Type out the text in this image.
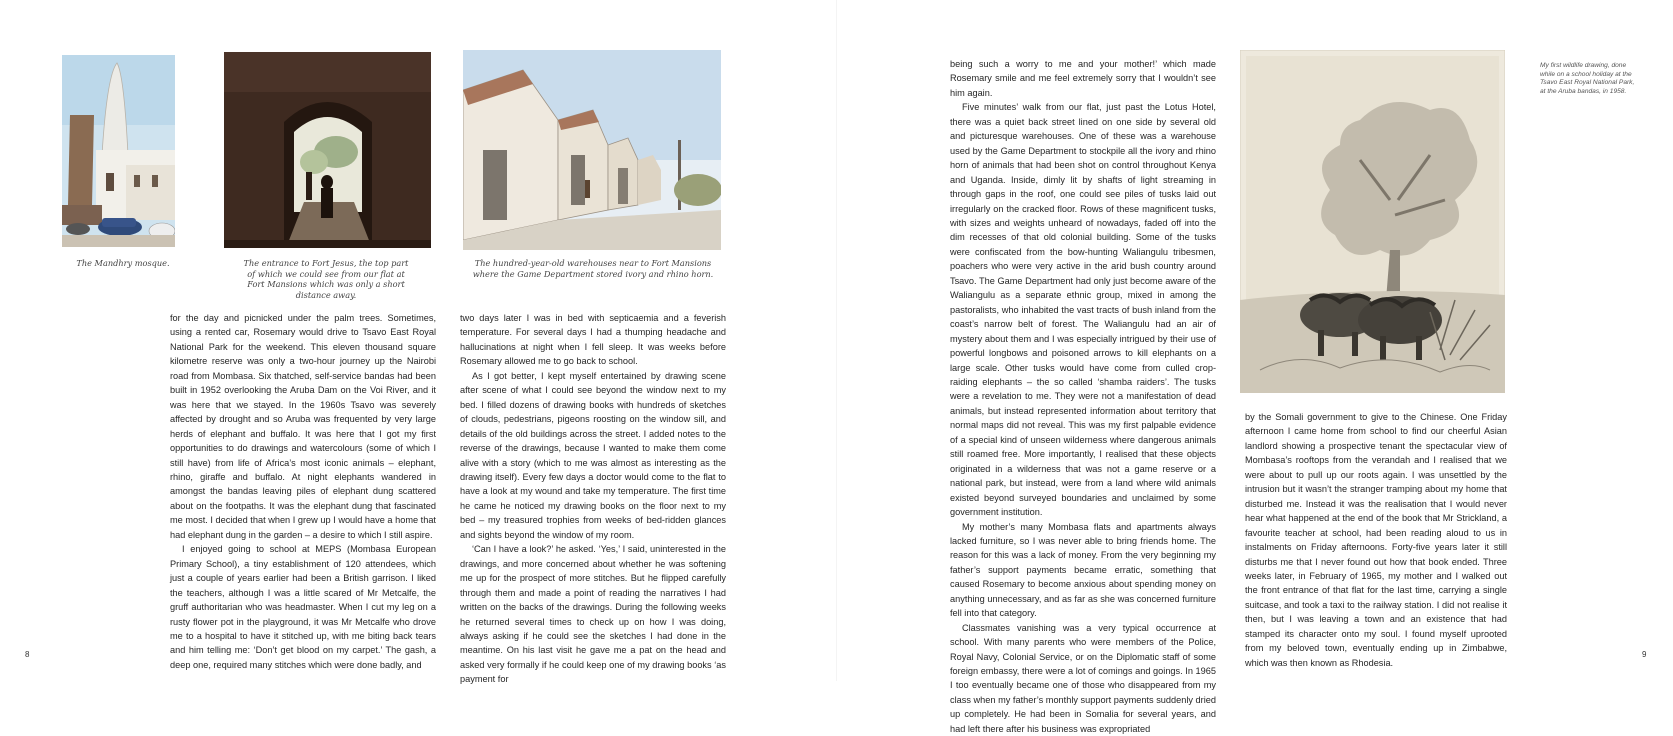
The Mandhry mosque.	The entrance to Fort Jesus, the top part of which we could see from our flat at Fort Mansions which was only a short distance away.
The hundred-year-old warehouses near to Fort Mansions where the Game Department stored ivory and rhino horn.

for the day and picnicked under the palm trees. Sometimes, using a rented car, Rosemary would drive to Tsavo East Royal National Park for the weekend. This eleven thousand square kilometre reserve was only a two-hour journey up the Nairobi road from Mombasa. Six thatched, self-service bandas had been built in 1952 overlooking the Aruba Dam on the Voi River, and it was here that we stayed. In the 1960s Tsavo was severely affected by drought and so Aruba was frequented by very large herds of elephant and buffalo. It was here that I got my first opportunities to do drawings and watercolours (some of which I still have) from life of Africa’s most iconic animals – elephant, rhino, giraffe and buffalo. At night elephants wandered in amongst the bandas leaving piles of elephant dung scattered about on the footpaths. It was the elephant dung that fascinated me most. I decided that when I grew up I would have a home that had elephant dung in the garden – a desire to which I still aspire.

I enjoyed going to school at MEPS (Mombasa European Primary School), a tiny establishment of 120 attendees, which just a couple of years earlier had been a British garrison. I liked the teachers, although I was a little scared of Mr Metcalfe, the gruff authoritarian who was headmaster. When I cut my leg on a rusty flower pot in the playground, it was Mr Metcalfe who drove me to a hospital to have it stitched up, with me biting back tears and him telling me: ‘Don’t get blood on my carpet.’ The gash, a deep one, required many stitches which were done badly, and

two days later I was in bed with septicaemia and a feverish temperature. For several days I had a thumping headache and hallucinations at night when I fell sleep. It was weeks before Rosemary allowed me to go back to school.

As I got better, I kept myself entertained by drawing scene after scene of what I could see beyond the window next to my bed. I filled dozens of drawing books with hundreds of sketches of clouds, pedestrians, pigeons roosting on the window sill, and details of the old buildings across the street. I added notes to the reverse of the drawings, because I wanted to make them come alive with a story (which to me was almost as interesting as the drawing itself). Every few days a doctor would come to the flat to have a look at my wound and take my temperature. The first time he came he noticed my drawing books on the floor next to my bed – my treasured trophies from weeks of bed-ridden glances and sights beyond the window of my room.

‘Can I have a look?’ he asked. ‘Yes,’ I said, uninterested in the drawings, and more concerned about whether he was softening me up for the prospect of more stitches. But he flipped carefully through them and made a point of reading the narratives I had written on the backs of the drawings. During the following weeks he returned several times to check up on how I was doing, always asking if he could see the sketches I had done in the meantime. On his last visit he gave me a pat on the head and asked very formally if he could keep one of my drawing books ‘as payment for

being such a worry to me and your mother!’ which made Rosemary smile and me feel extremely sorry that I wouldn’t see him again.

Five minutes’ walk from our flat, just past the Lotus Hotel, there was a quiet back street lined on one side by several old and picturesque warehouses. One of these was a warehouse used by the Game Department to stockpile all the ivory and rhino horn of animals that had been shot on control throughout Kenya and Uganda. Inside, dimly lit by shafts of light streaming in through gaps in the roof, one could see piles of tusks laid out irregularly on the cracked floor. Rows of these magnificent tusks, with sizes and weights unheard of nowadays, faded off into the dim recesses of that old colonial building. Some of the tusks were confiscated from the bow-hunting Waliangulu tribesmen, poachers who were very active in the arid bush country around Tsavo. The Game Department had only just become aware of the Waliangulu as a separate ethnic group, mixed in among the pastoralists, who inhabited the vast tracts of bush inland from the coast’s narrow belt of forest. The Waliangulu had an air of mystery about them and I was especially intrigued by their use of powerful longbows and poisoned arrows to kill elephants on a large scale. Other tusks would have come from culled crop-raiding elephants – the so called ‘shamba raiders’. The tusks were a revelation to me. They were not a manifestation of dead animals, but instead represented information about territory that normal maps did not reveal. This was my first palpable evidence of a special kind of unseen wilderness where dangerous animals still roamed free. More importantly, I realised that these objects originated in a wilderness that was not a game reserve or a national park, but instead, were from a land where wild animals existed beyond surveyed boundaries and unclaimed by some government institution.

My mother’s many Mombasa flats and apartments always lacked furniture, so I was never able to bring friends home. The reason for this was a lack of money. From the very beginning my father’s support payments became erratic, something that caused Rosemary to become anxious about spending money on anything unnecessary, and as far as she was concerned furniture fell into that category.

Classmates vanishing was a very typical occurrence at school. With many parents who were members of the Police, Royal Navy, Colonial Service, or on the Diplomatic staff of some foreign embassy, there were a lot of comings and goings. In 1965 I too eventually became one of those who disappeared from my class when my father’s monthly support payments suddenly dried up completely. He had been in Somalia for several years, and had left there after his business was expropriated

My first wildlife drawing, done while on a school holiday at the Tsavo East Royal National Park, at the Aruba bandas, in 1958.

by the Somali government to give to the Chinese. One Friday afternoon I came home from school to find our cheerful Asian landlord showing a prospective tenant the spectacular view of Mombasa’s rooftops from the verandah and I realised that we were about to pull up our roots again. I was unsettled by the intrusion but it wasn’t the stranger tramping about my home that disturbed me. Instead it was the realisation that I would never hear what happened at the end of the book that Mr Strickland, a favourite teacher at school, had been reading aloud to us in instalments on Friday afternoons. Forty-five years later it still disturbs me that I never found out how that book ended. Three weeks later, in February of 1965, my mother and I walked out the front entrance of that flat for the last time, carrying a single suitcase, and took a taxi to the railway station. I did not realise it then, but I was leaving a town and an existence that had stamped its character onto my soul. I found myself uprooted from my beloved town, eventually ending up in Zimbabwe, which was then known as Rhodesia.

8	9
